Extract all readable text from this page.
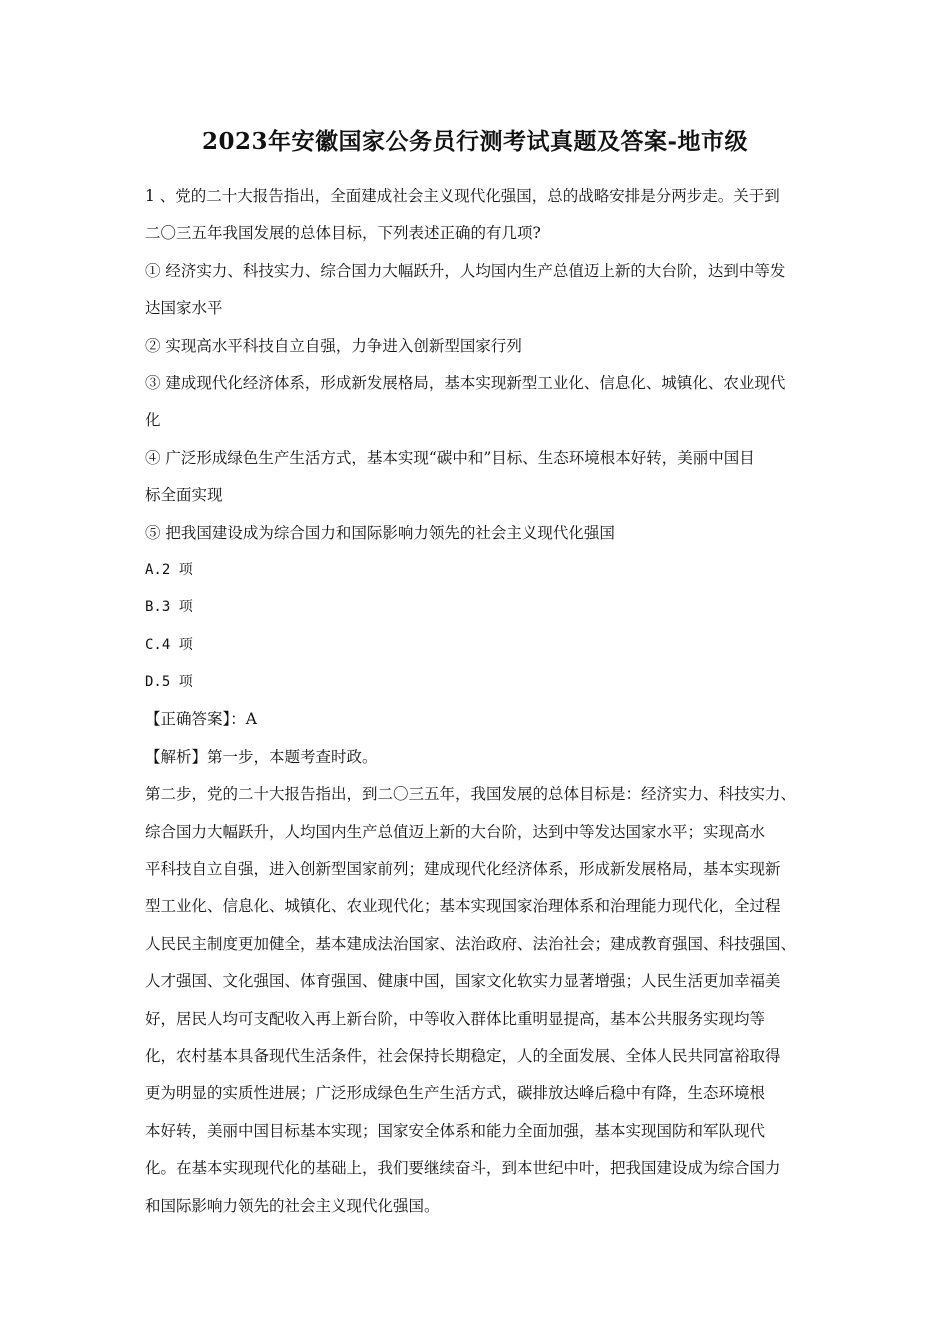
2023年安徽国家公务员行测考试真题及答案-地市级
1 、党的二十大报告指出，全面建成社会主义现代化强国，总的战略安排是分两步走。关于到
二〇三五年我国发展的总体目标，下列表述正确的有几项?
① 经济实力、科技实力、综合国力大幅跃升，人均国内生产总值迈上新的大台阶，达到中等发
达国家水平
② 实现高水平科技自立自强，力争进入创新型国家行列
③ 建成现代化经济体系，形成新发展格局，基本实现新型工业化、信息化、城镇化、农业现代
化
④ 广泛形成绿色生产生活方式，基本实现“碳中和”目标、生态环境根本好转，美丽中国目
标全面实现
⑤ 把我国建设成为综合国力和国际影响力领先的社会主义现代化强国
A.2 项
B.3 项
C.4 项
D.5 项
【正确答案】：A
【解析】第一步，本题考查时政。
第二步，党的二十大报告指出，到二〇三五年，我国发展的总体目标是：经济实力、科技实力、
综合国力大幅跃升，人均国内生产总值迈上新的大台阶，达到中等发达国家水平；实现高水
平科技自立自强，进入创新型国家前列；建成现代化经济体系，形成新发展格局，基本实现新
型工业化、信息化、城镇化、农业现代化；基本实现国家治理体系和治理能力现代化，全过程
人民民主制度更加健全，基本建成法治国家、法治政府、法治社会；建成教育强国、科技强国、
人才强国、文化强国、体育强国、健康中国，国家文化软实力显著增强；人民生活更加幸福美
好，居民人均可支配收入再上新台阶，中等收入群体比重明显提高，基本公共服务实现均等
化，农村基本具备现代生活条件，社会保持长期稳定，人的全面发展、全体人民共同富裕取得
更为明显的实质性进展；广泛形成绿色生产生活方式，碳排放达峰后稳中有降，生态环境根
本好转，美丽中国目标基本实现；国家安全体系和能力全面加强，基本实现国防和军队现代
化。在基本实现现代化的基础上，我们要继续奋斗，到本世纪中叶，把我国建设成为综合国力
和国际影响力领先的社会主义现代化强国。
